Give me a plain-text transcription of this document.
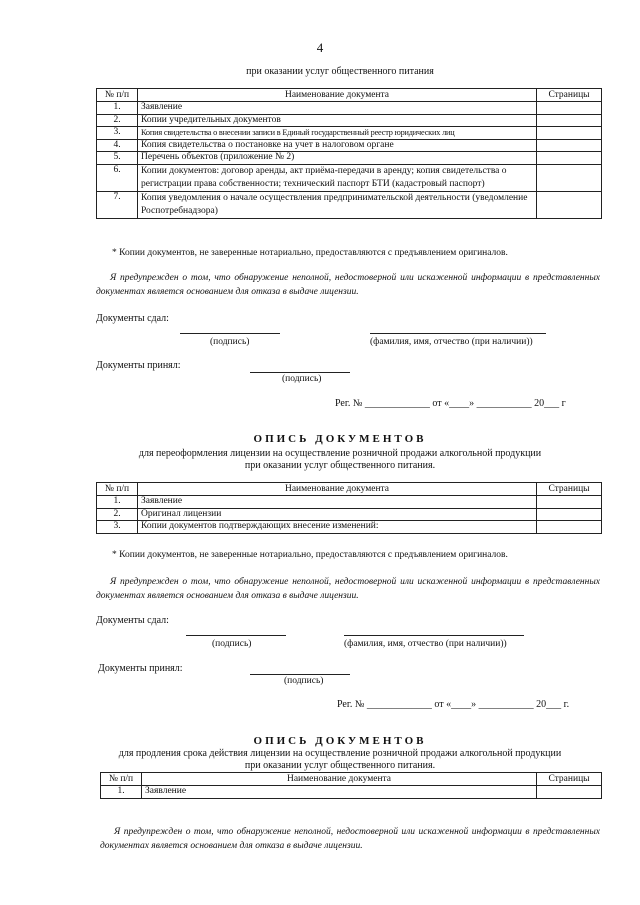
4
при оказании услуг общественного питания
№ п/п	Наименование документа	Страницы
1.	Заявление	
2.	Копии учредительных документов	
3.	Копия свидетельства о внесении записи в Единый государственный реестр юридических лиц	
4.	Копия свидетельства о постановке на учет в налоговом органе	
5.	Перечень объектов (приложение № 2)	
6.	Копии документов: договор аренды, акт приёма-передачи в аренду; копия свидетельства о регистрации права собственности; технический паспорт БТИ (кадастровый паспорт)	
7.	Копия уведомления о начале осуществления предпринимательской деятельности (уведомление Роспотребнадзора)	
* Копии документов, не заверенные нотариально, предоставляются с предъявлением оригиналов.
Я предупрежден о том, что обнаружение неполной, недостоверной или искаженной информации в представленных документах является основанием для отказа в выдаче лицензии.
Документы сдал:
(подпись)	(фамилия, имя, отчество (при наличии))
Документы принял:
(подпись)
Рег. № _____________ от «____» ___________ 20___ г
ОПИСЬ ДОКУМЕНТОВ
для переоформления лицензии на осуществление розничной продажи алкогольной продукции
при оказании услуг общественного питания.
№ п/п	Наименование документа	Страницы
1.	Заявление	
2.	Оригинал лицензии	
3.	Копии документов подтверждающих внесение изменений:	
* Копии документов, не заверенные нотариально, предоставляются с предъявлением оригиналов.
Я предупрежден о том, что обнаружение неполной, недостоверной или искаженной информации в представленных документах является основанием для отказа в выдаче лицензии.
Документы сдал:
(подпись)	(фамилия, имя, отчество (при наличии))
Документы принял:
(подпись)
Рег. № _____________ от «____» ___________ 20___ г.
ОПИСЬ ДОКУМЕНТОВ
для продления срока действия лицензии на осуществление розничной продажи алкогольной продукции
при оказании услуг общественного питания.
№ п/п	Наименование документа	Страницы
1.	Заявление	
Я предупрежден о том, что обнаружение неполной, недостоверной или искаженной информации в представленных документах является основанием для отказа в выдаче лицензии.
